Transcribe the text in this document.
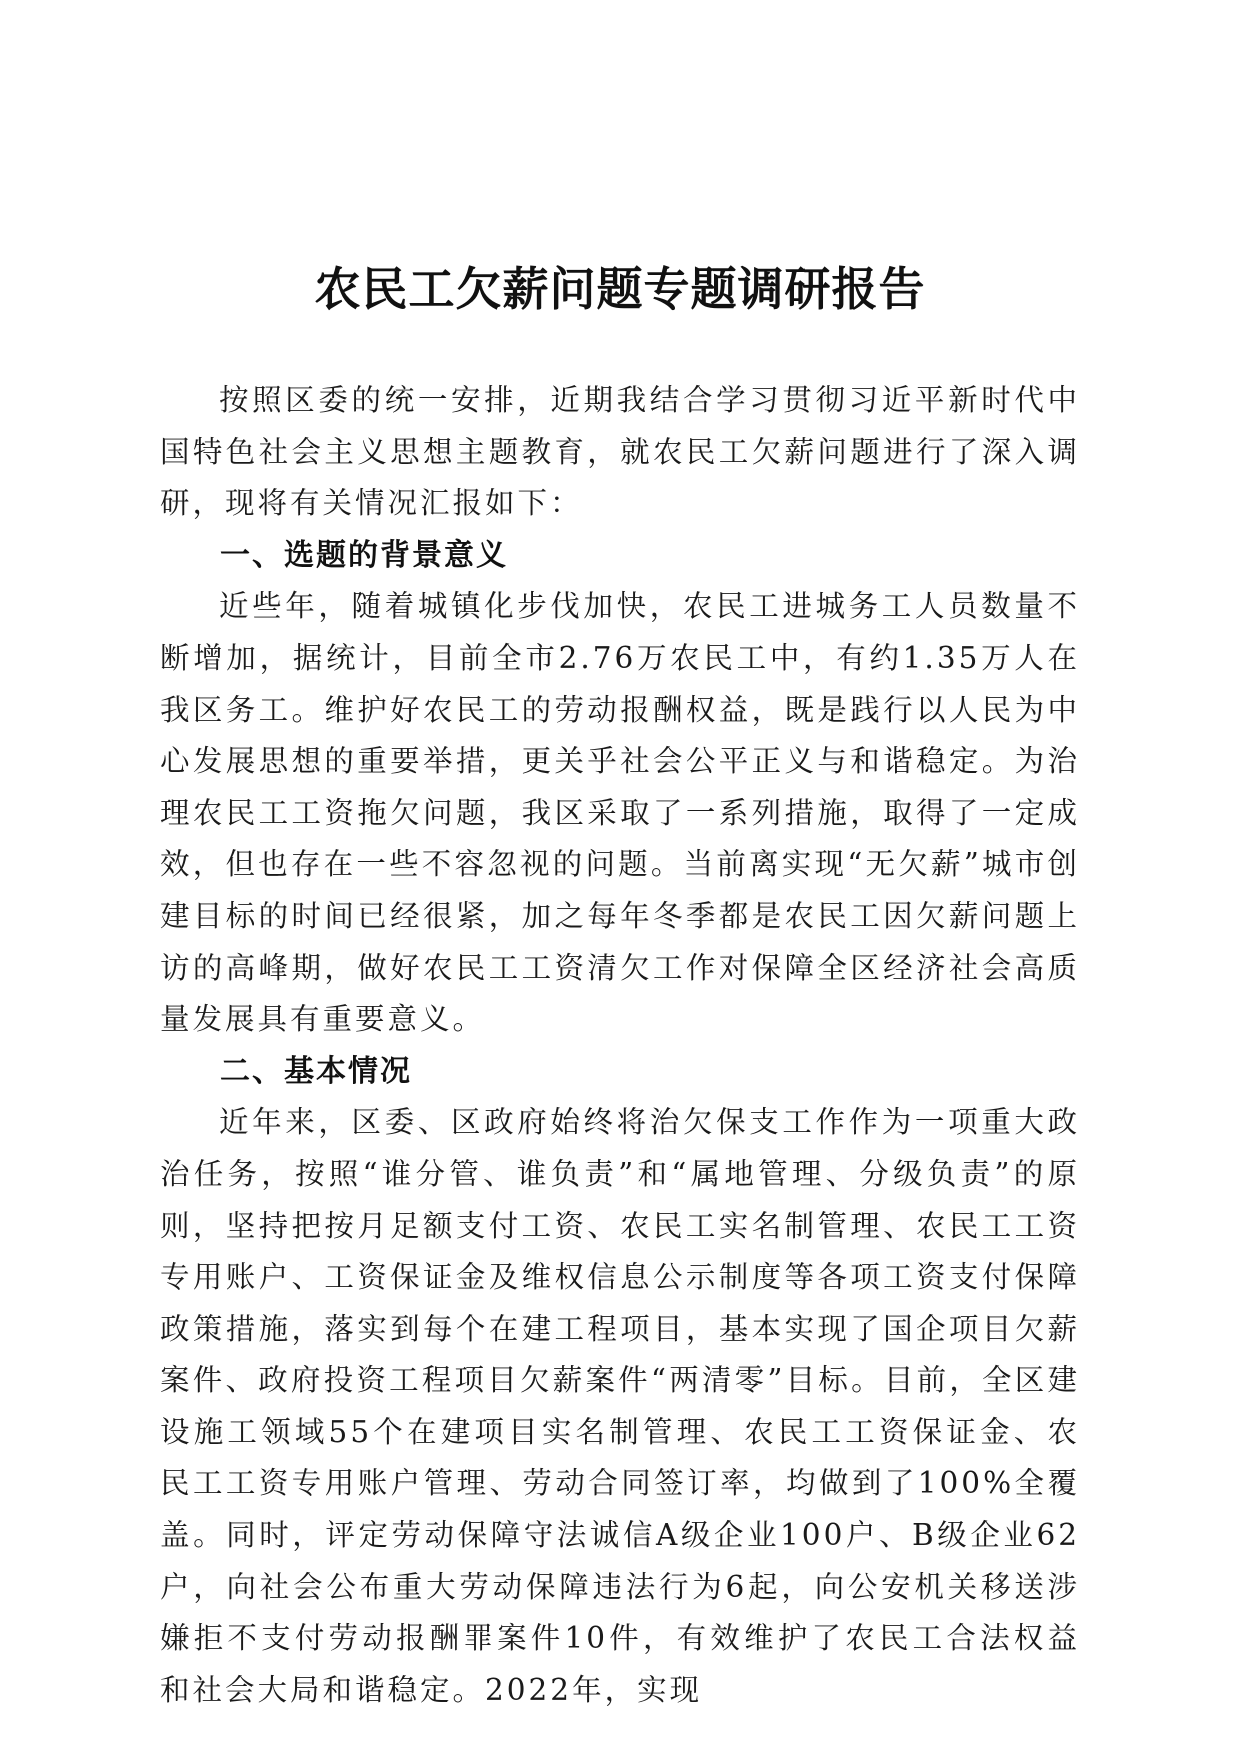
农民工欠薪问题专题调研报告

按照区委的统一安排，近期我结合学习贯彻习近平新时代中国特色社会主义思想主题教育，就农民工欠薪问题进行了深入调研，现将有关情况汇报如下：

一、选题的背景意义

近些年，随着城镇化步伐加快，农民工进城务工人员数量不断增加，据统计，目前全市2.76万农民工中，有约1.35万人在我区务工。维护好农民工的劳动报酬权益，既是践行以人民为中心发展思想的重要举措，更关乎社会公平正义与和谐稳定。为治理农民工工资拖欠问题，我区采取了一系列措施，取得了一定成效，但也存在一些不容忽视的问题。当前离实现“无欠薪”城市创建目标的时间已经很紧，加之每年冬季都是农民工因欠薪问题上访的高峰期，做好农民工工资清欠工作对保障全区经济社会高质量发展具有重要意义。

二、基本情况

近年来，区委、区政府始终将治欠保支工作作为一项重大政治任务，按照“谁分管、谁负责”和“属地管理、分级负责”的原则，坚持把按月足额支付工资、农民工实名制管理、农民工工资专用账户、工资保证金及维权信息公示制度等各项工资支付保障政策措施，落实到每个在建工程项目，基本实现了国企项目欠薪案件、政府投资工程项目欠薪案件“两清零”目标。目前，全区建设施工领域55个在建项目实名制管理、农民工工资保证金、农民工工资专用账户管理、劳动合同签订率，均做到了100%全覆盖。同时，评定劳动保障守法诚信A级企业100户、B级企业62户，向社会公布重大劳动保障违法行为6起，向公安机关移送涉嫌拒不支付劳动报酬罪案件10件，有效维护了农民工合法权益和社会大局和谐稳定。2022年，实现
